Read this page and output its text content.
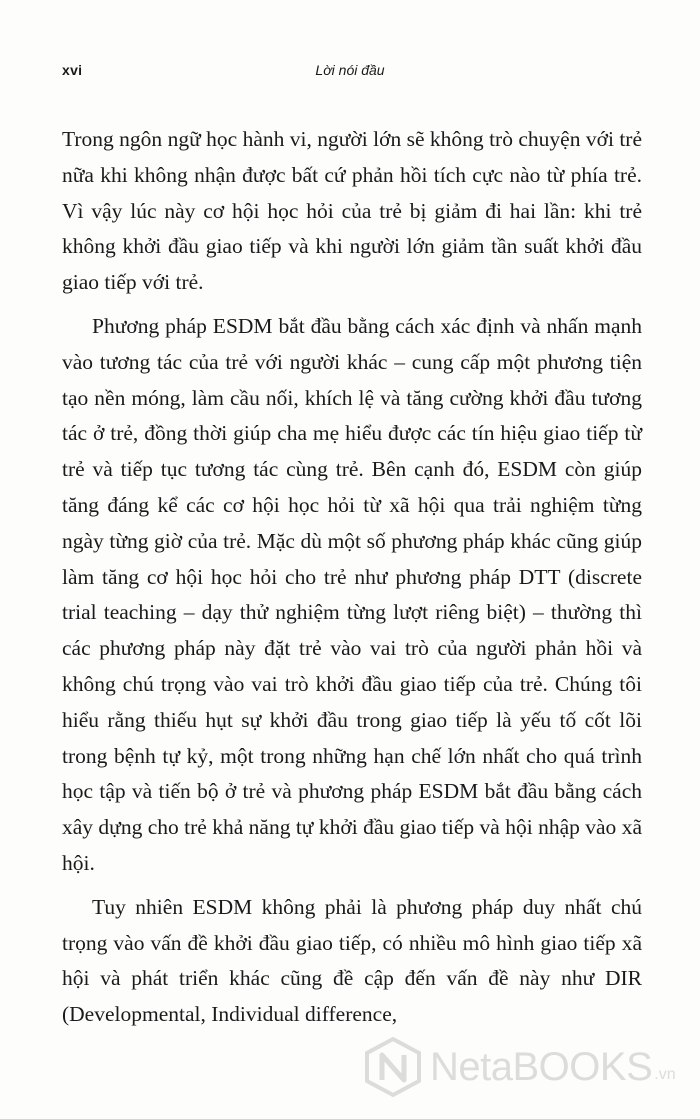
xvi	Lời nói đầu

Trong ngôn ngữ học hành vi, người lớn sẽ không trò chuyện với trẻ nữa khi không nhận được bất cứ phản hồi tích cực nào từ phía trẻ. Vì vậy lúc này cơ hội học hỏi của trẻ bị giảm đi hai lần: khi trẻ không khởi đầu giao tiếp và khi người lớn giảm tần suất khởi đầu giao tiếp với trẻ.

Phương pháp ESDM bắt đầu bằng cách xác định và nhấn mạnh vào tương tác của trẻ với người khác – cung cấp một phương tiện tạo nền móng, làm cầu nối, khích lệ và tăng cường khởi đầu tương tác ở trẻ, đồng thời giúp cha mẹ hiểu được các tín hiệu giao tiếp từ trẻ và tiếp tục tương tác cùng trẻ. Bên cạnh đó, ESDM còn giúp tăng đáng kể các cơ hội học hỏi từ xã hội qua trải nghiệm từng ngày từng giờ của trẻ. Mặc dù một số phương pháp khác cũng giúp làm tăng cơ hội học hỏi cho trẻ như phương pháp DTT (discrete trial teaching – dạy thử nghiệm từng lượt riêng biệt) – thường thì các phương pháp này đặt trẻ vào vai trò của người phản hồi và không chú trọng vào vai trò khởi đầu giao tiếp của trẻ. Chúng tôi hiểu rằng thiếu hụt sự khởi đầu trong giao tiếp là yếu tố cốt lõi trong bệnh tự kỷ, một trong những hạn chế lớn nhất cho quá trình học tập và tiến bộ ở trẻ và phương pháp ESDM bắt đầu bằng cách xây dựng cho trẻ khả năng tự khởi đầu giao tiếp và hội nhập vào xã hội.

Tuy nhiên ESDM không phải là phương pháp duy nhất chú trọng vào vấn đề khởi đầu giao tiếp, có nhiều mô hình giao tiếp xã hội và phát triển khác cũng đề cập đến vấn đề này như DIR (Developmental, Individual difference,

NetaBOOKS .vn
